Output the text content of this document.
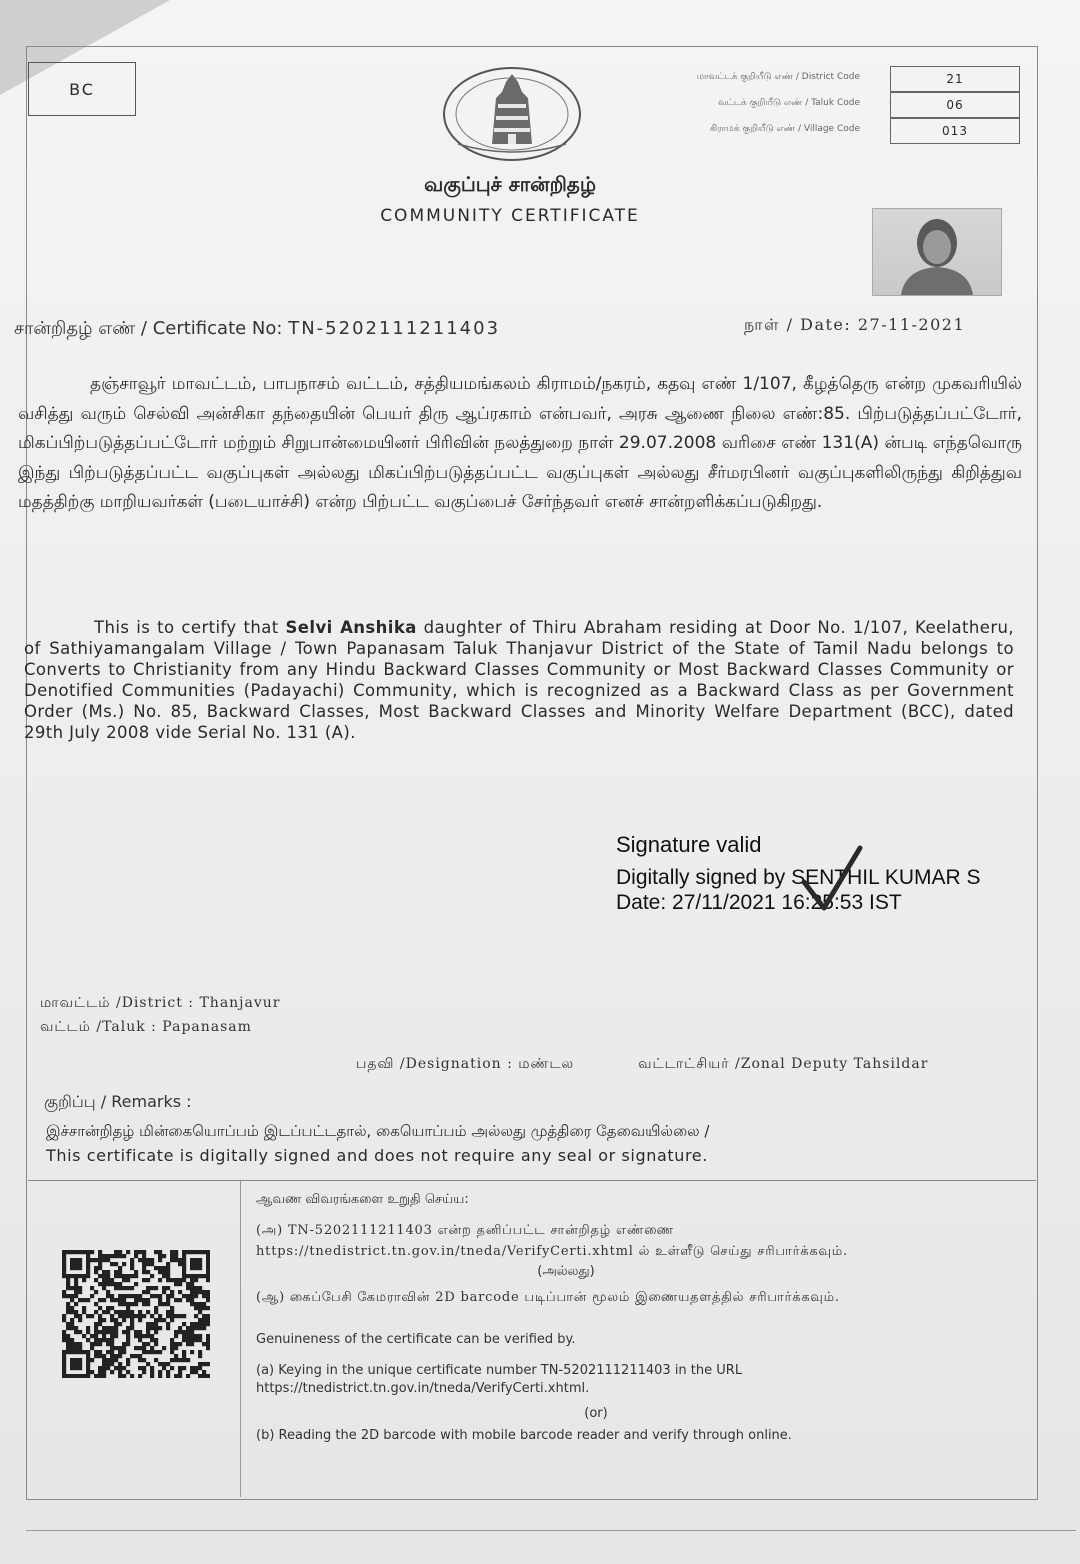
BC
மாவட்டக் குறியீடு எண் / District Code	:	21
வட்டக் குறியீடு எண் / Taluk Code	:	06
கிராமக் குறியீடு எண் / Village Code	:	013
வகுப்புச் சான்றிதழ்
COMMUNITY CERTIFICATE
சான்றிதழ் எண் / Certificate No: TN-5202111211403	நாள் / Date: 27-11-2021
தஞ்சாவூர் மாவட்டம், பாபநாசம் வட்டம், சத்தியமங்கலம் கிராமம்/நகரம், கதவு எண் 1/107, கீழத்தெரு என்ற முகவரியில் வசித்து வரும் செல்வி அன்சிகா தந்தையின் பெயர் திரு ஆப்ரகாம் என்பவர், அரசு ஆணை நிலை எண்:85. பிற்படுத்தப்பட்டோர், மிகப்பிற்படுத்தப்பட்டோர் மற்றும் சிறுபான்மையினர் பிரிவின் நலத்துறை நாள் 29.07.2008 வரிசை எண் 131(A) ன்படி எந்தவொரு இந்து பிற்படுத்தப்பட்ட வகுப்புகள் அல்லது மிகப்பிற்படுத்தப்பட்ட வகுப்புகள் அல்லது சீர்மரபினர் வகுப்புகளிலிருந்து கிறித்துவ மதத்திற்கு மாறியவர்கள் (படையாச்சி) என்ற பிற்பட்ட வகுப்பைச் சேர்ந்தவர் எனச் சான்றளிக்கப்படுகிறது.
This is to certify that Selvi Anshika daughter of Thiru Abraham residing at Door No. 1/107, Keelatheru, of Sathiyamangalam Village / Town Papanasam Taluk Thanjavur District of the State of Tamil Nadu belongs to Converts to Christianity from any Hindu Backward Classes Community or Most Backward Classes Community or Denotified Communities (Padayachi) Community, which is recognized as a Backward Class as per Government Order (Ms.) No. 85, Backward Classes, Most Backward Classes and Minority Welfare Department (BCC), dated 29th July 2008 vide Serial No. 131 (A).
Signature valid
Digitally signed by SENTHIL KUMAR S
Date: 27/11/2021 16:25:53 IST
மாவட்டம் /District : Thanjavur
வட்டம் /Taluk : Papanasam
பதவி /Designation : மண்டல	வட்டாட்சியர் /Zonal Deputy Tahsildar
குறிப்பு / Remarks :
இச்சான்றிதழ் மின்கையொப்பம் இடப்பட்டதால், கையொப்பம் அல்லது முத்திரை தேவையில்லை /
This certificate is digitally signed and does not require any seal or signature.
ஆவண விவரங்களை உறுதி செய்ய:
(அ) TN-5202111211403 என்ற தனிப்பட்ட சான்றிதழ் எண்ணை https://tnedistrict.tn.gov.in/tneda/VerifyCerti.xhtml ல் உள்ளீடு செய்து சரிபார்க்கவும்.
(அல்லது)
(ஆ) கைப்பேசி கேமராவின் 2D barcode படிப்பான் மூலம் இணையதளத்தில் சரிபார்க்கவும்.
Genuineness of the certificate can be verified by.
(a) Keying in the unique certificate number TN-5202111211403 in the URL https://tnedistrict.tn.gov.in/tneda/VerifyCerti.xhtml.
(or)
(b) Reading the 2D barcode with mobile barcode reader and verify through online.
